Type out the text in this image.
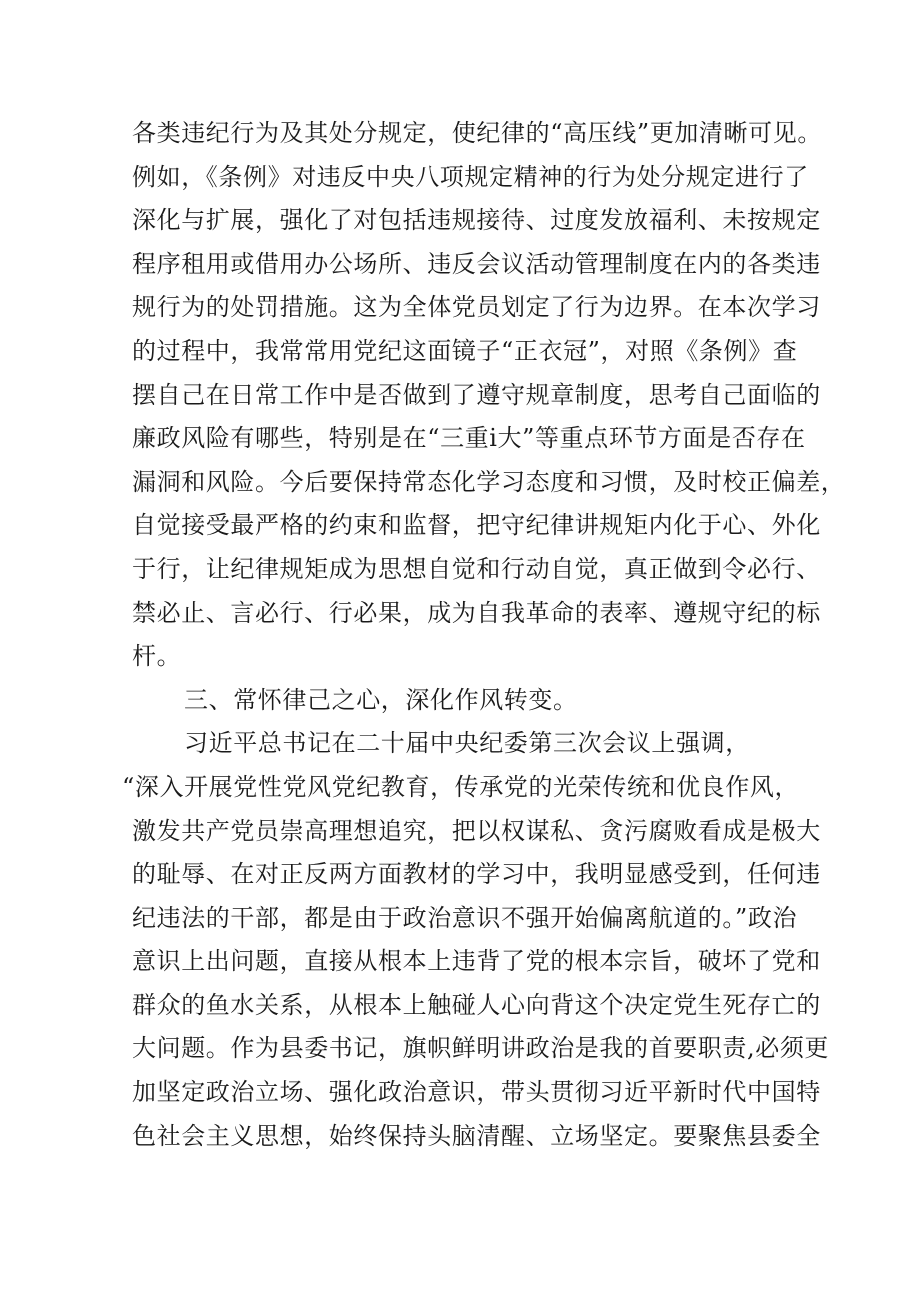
各类违纪行为及其处分规定，使纪律的“高压线”更加清晰可见。
例如，《条例》对违反中央八项规定精神的行为处分规定进行了
深化与扩展，强化了对包括违规接待、过度发放福利、未按规定
程序租用或借用办公场所、违反会议活动管理制度在内的各类违
规行为的处罚措施。这为全体党员划定了行为边界。在本次学习
的过程中，我常常用党纪这面镜子“正衣冠”，对照《条例》查
摆自己在日常工作中是否做到了遵守规章制度，思考自己面临的
廉政风险有哪些，特别是在“三重i大”等重点环节方面是否存在
漏洞和风险。今后要保持常态化学习态度和习惯，及时校正偏差，
自觉接受最严格的约束和监督，把守纪律讲规矩内化于心、外化
于行，让纪律规矩成为思想自觉和行动自觉，真正做到令必行、
禁必止、言必行、行必果，成为自我革命的表率、遵规守纪的标
杆。
三、常怀律己之心，深化作风转变。
习近平总书记在二十届中央纪委第三次会议上强调，
“深入开展党性党风党纪教育，传承党的光荣传统和优良作风，
激发共产党员崇高理想追究，把以权谋私、贪污腐败看成是极大
的耻辱、在对正反两方面教材的学习中，我明显感受到，任何违
纪违法的干部，都是由于政治意识不强开始偏离航道的。”政治
意识上出问题，直接从根本上违背了党的根本宗旨，破坏了党和
群众的鱼水关系，从根本上触碰人心向背这个决定党生死存亡的
大问题。作为县委书记，旗帜鲜明讲政治是我的首要职责,必须更
加坚定政治立场、强化政治意识，带头贯彻习近平新时代中国特
色社会主义思想，始终保持头脑清醒、立场坚定。要聚焦县委全
